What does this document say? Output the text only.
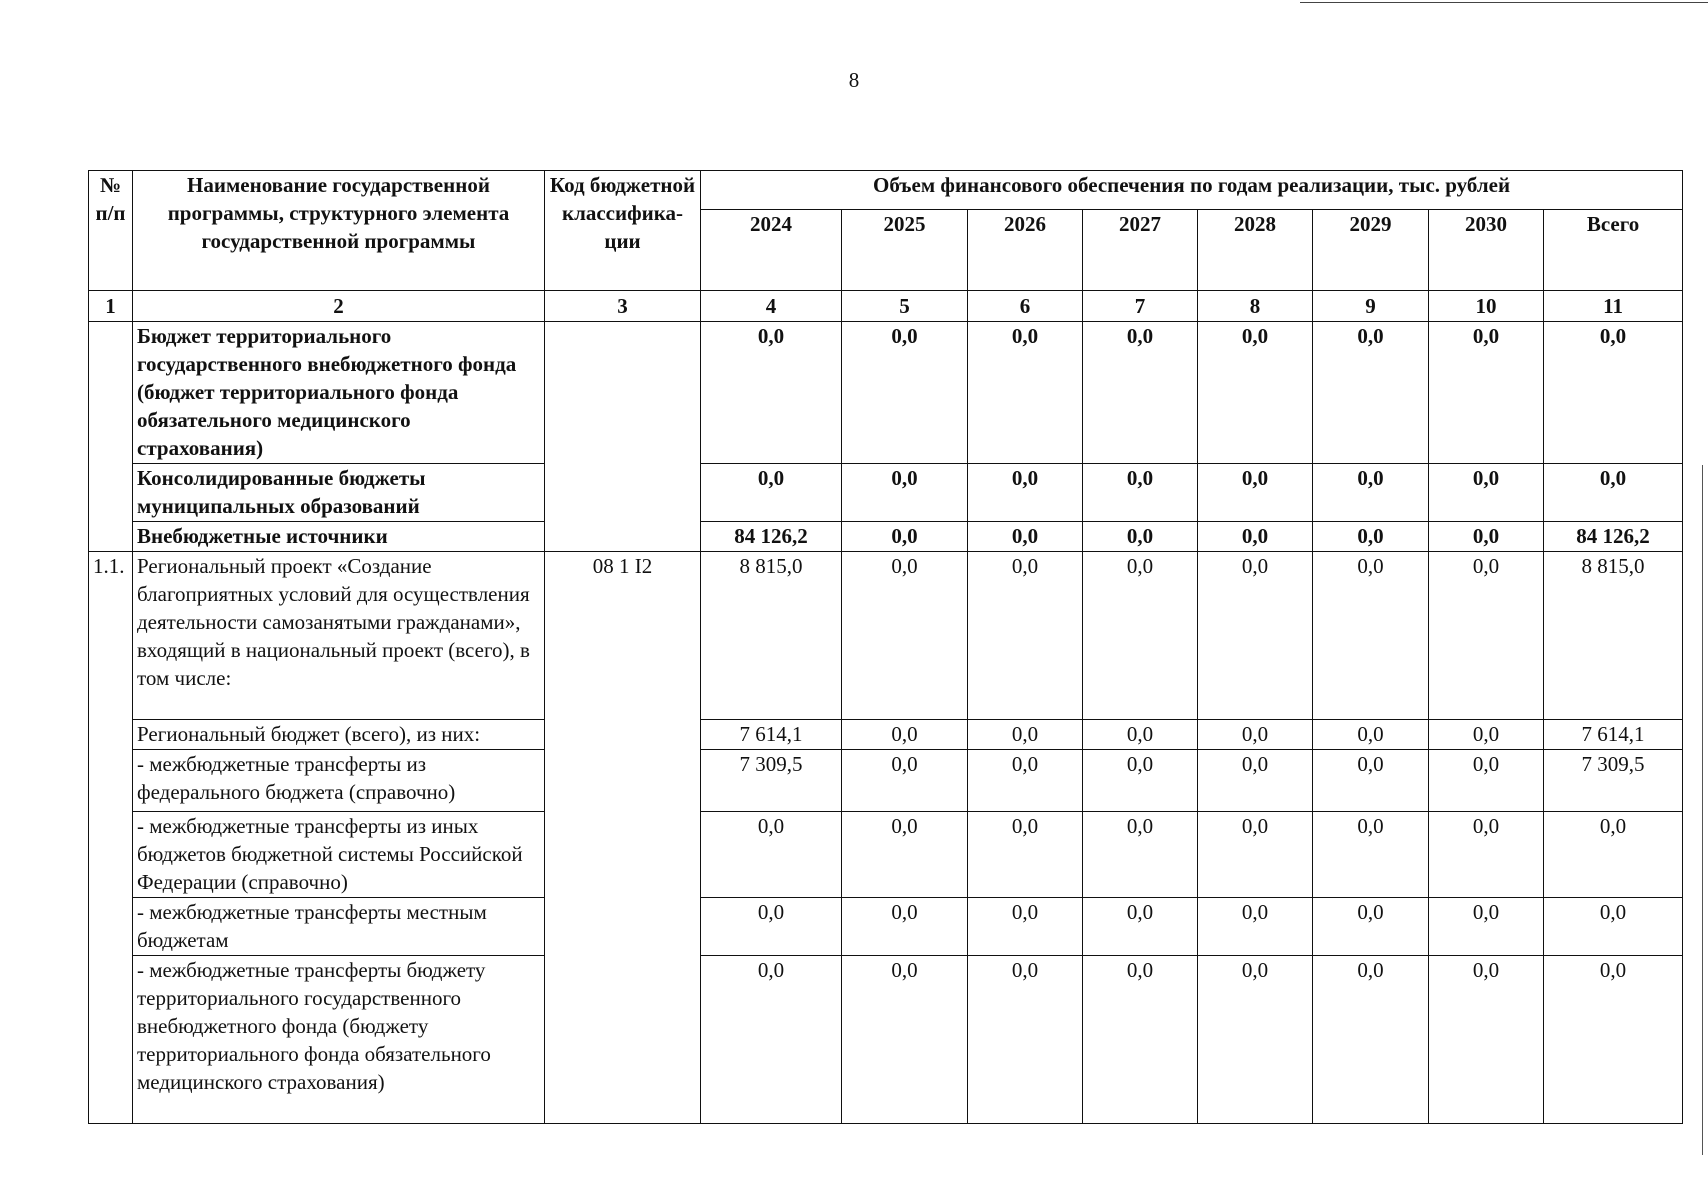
8
№ п/п	Наименование государственной программы, структурного элемента государственной программы	Код бюджетной классифика-ции	Объем финансового обеспечения по годам реализации, тыс. рублей							
			2024	2025	2026	2027	2028	2029	2030	Всего
1	2	3	4	5	6	7	8	9	10	11
	Бюджет территориального государственного внебюджетного фонда (бюджет территориального фонда обязательного медицинского страхования)		0,0	0,0	0,0	0,0	0,0	0,0	0,0	0,0
	Консолидированные бюджеты муниципальных образований		0,0	0,0	0,0	0,0	0,0	0,0	0,0	0,0
	Внебюджетные источники		84 126,2	0,0	0,0	0,0	0,0	0,0	0,0	84 126,2
1.1.	Региональный проект «Создание благоприятных условий для осуществления деятельности самозанятыми гражданами», входящий в национальный проект (всего), в том числе:	08 1 I2	8 815,0	0,0	0,0	0,0	0,0	0,0	0,0	8 815,0
	Региональный бюджет (всего), из них:		7 614,1	0,0	0,0	0,0	0,0	0,0	0,0	7 614,1
	- межбюджетные трансферты из федерального бюджета (справочно)		7 309,5	0,0	0,0	0,0	0,0	0,0	0,0	7 309,5
	- межбюджетные трансферты из иных бюджетов бюджетной системы Российской Федерации (справочно)		0,0	0,0	0,0	0,0	0,0	0,0	0,0	0,0
	- межбюджетные трансферты местным бюджетам		0,0	0,0	0,0	0,0	0,0	0,0	0,0	0,0
	- межбюджетные трансферты бюджету территориального государственного внебюджетного фонда (бюджету территориального фонда обязательного медицинского страхования)		0,0	0,0	0,0	0,0	0,0	0,0	0,0	0,0
